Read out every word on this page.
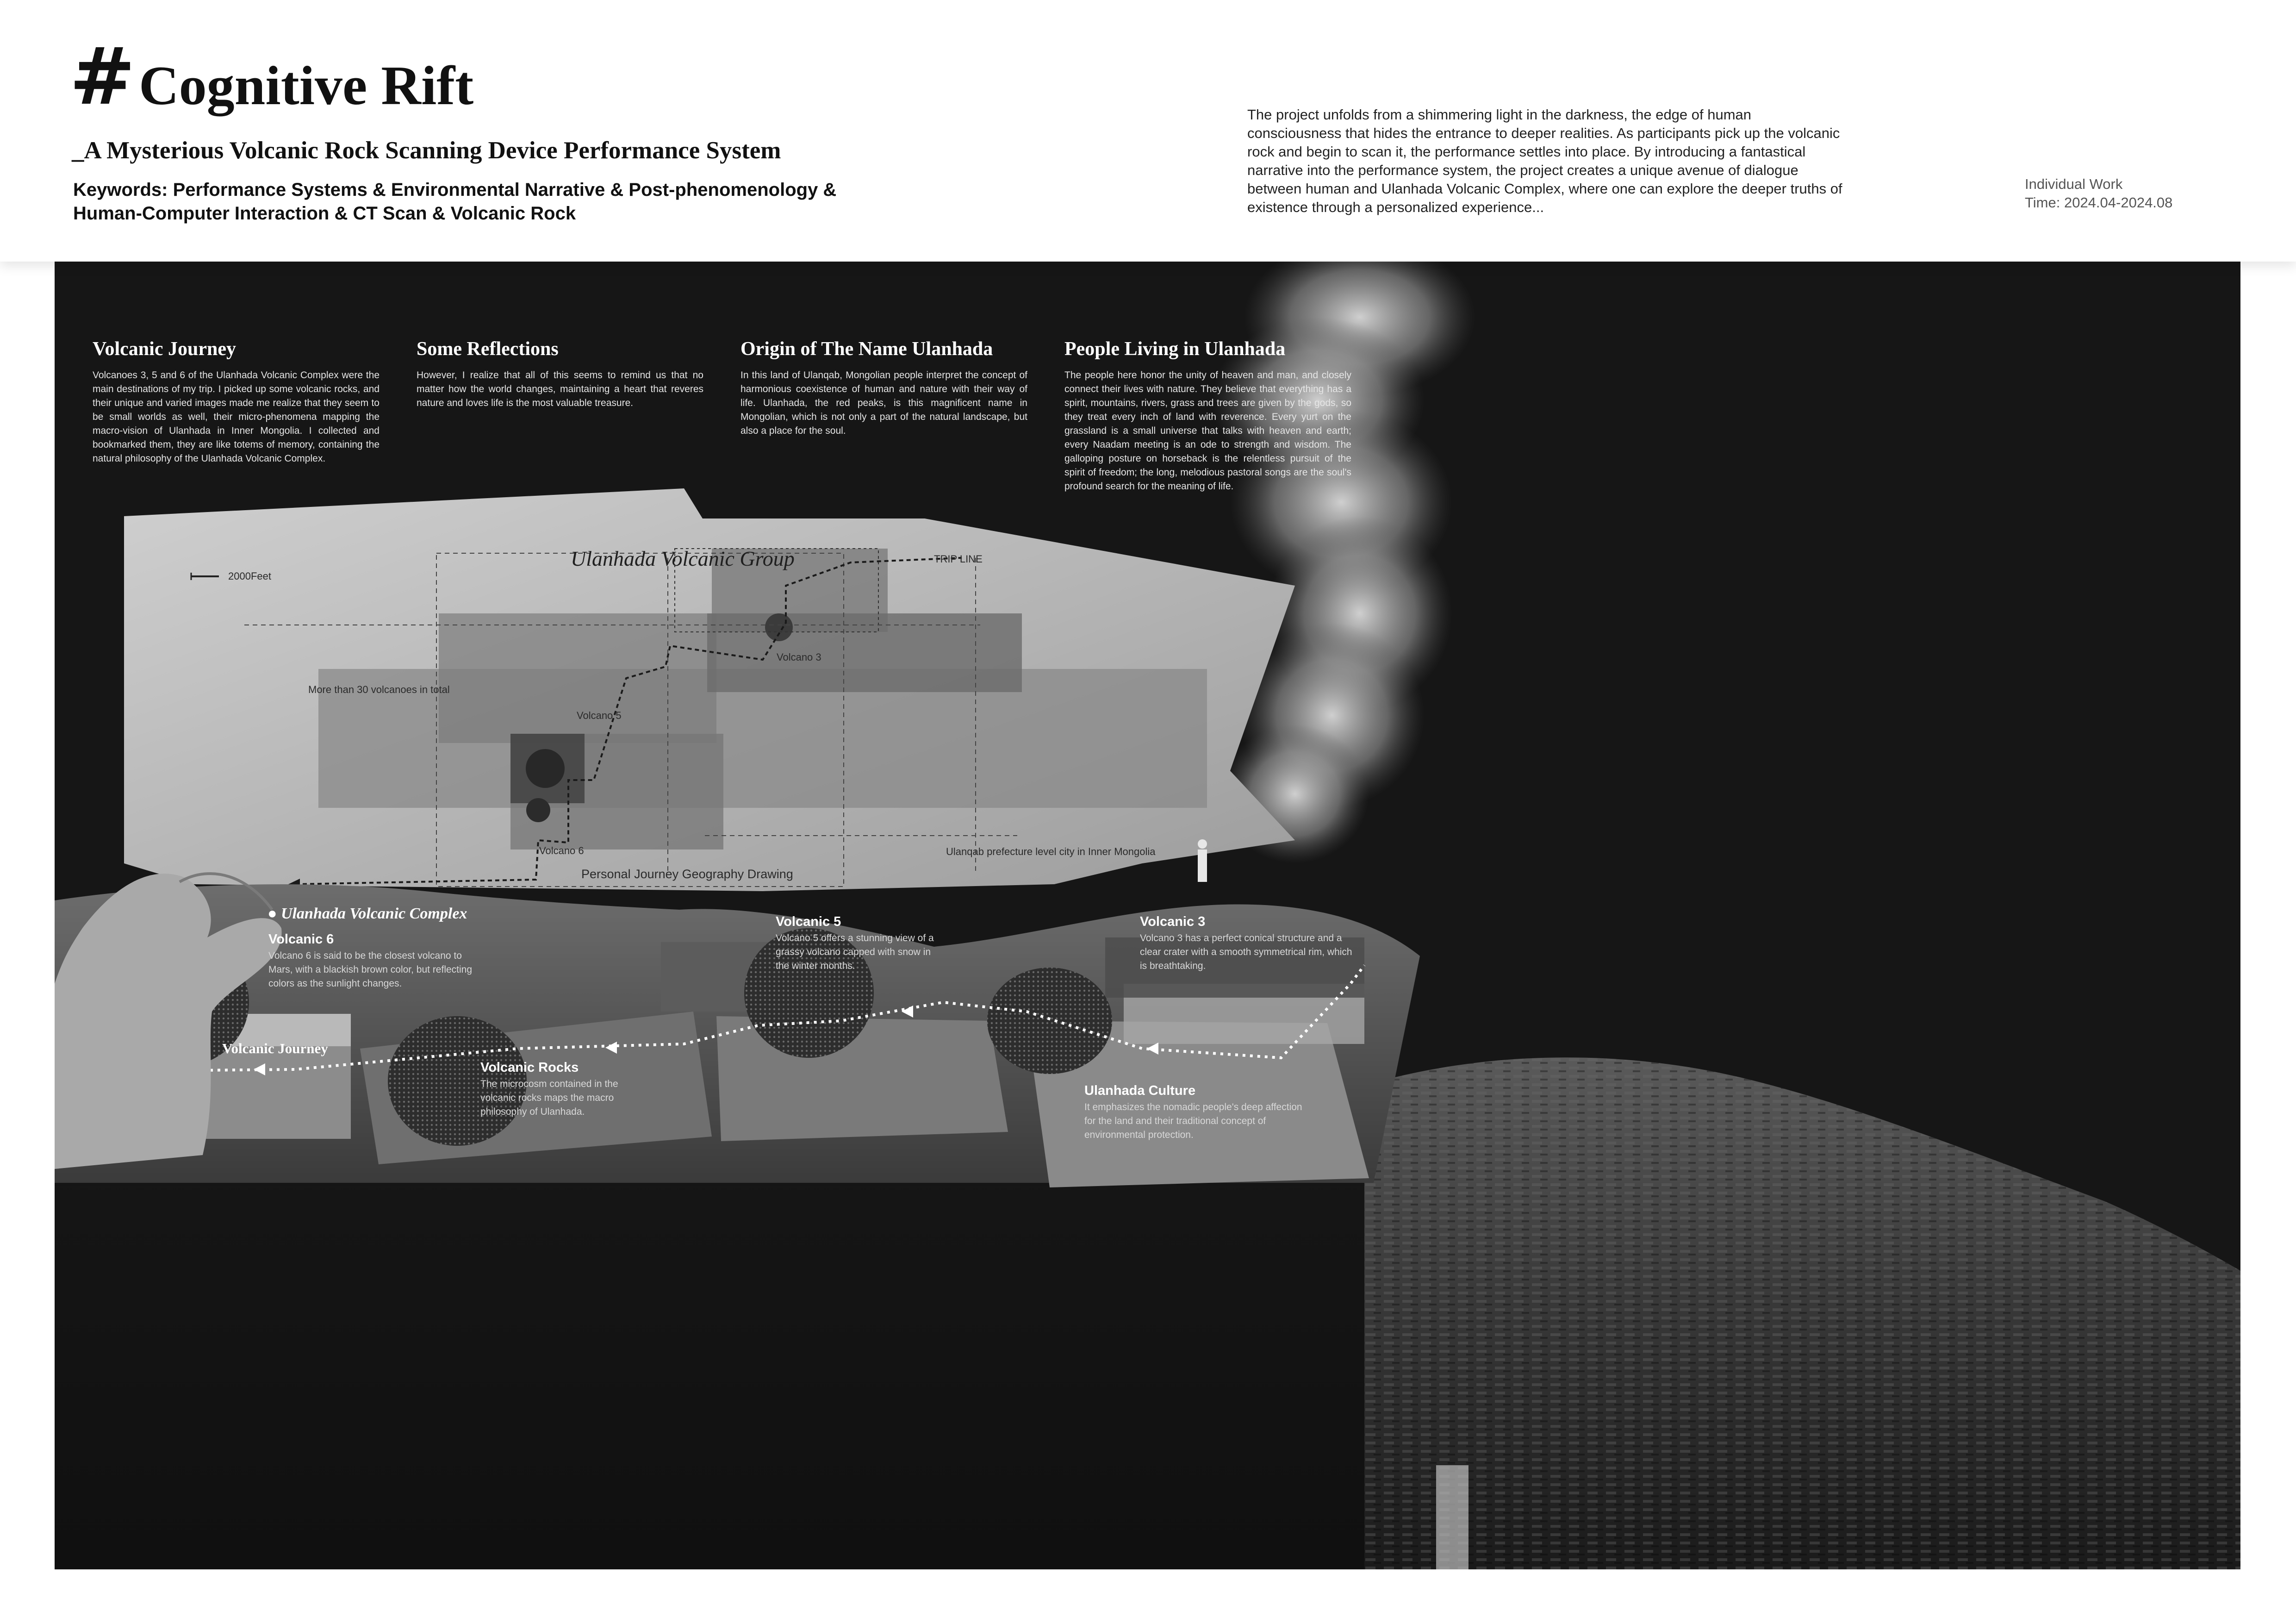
# Cognitive Rift
_A Mysterious Volcanic Rock Scanning Device Performance System
Keywords: Performance Systems & Environmental Narrative & Post-phenomenology &
Human-Computer Interaction & CT Scan & Volcanic Rock
The project unfolds from a shimmering light in the darkness, the edge of human consciousness that hides the entrance to deeper realities. As participants pick up the volcanic rock and begin to scan it, the performance settles into place. By introducing a fantastical narrative into the performance system, the project creates a unique avenue of dialogue between human and Ulanhada Volcanic Complex, where one can explore the deeper truths of existence through a personalized experience...
Individual Work
Time: 2024.04-2024.08
Volcanic Journey

Volcanoes 3, 5 and 6 of the Ulanhada Volcanic Complex were the main destinations of my trip. I picked up some volcanic rocks, and their unique and varied images made me realize that they seem to be small worlds as well, their micro-phenomena mapping the macro-vision of Ulanhada in Inner Mongolia. I collected and bookmarked them, they are like totems of memory, containing the natural philosophy of the Ulanhada Volcanic Complex.

Some Reflections

However, I realize that all of this seems to remind us that no matter how the world changes, maintaining a heart that reveres nature and loves life is the most valuable treasure.

Origin of The Name Ulanhada

In this land of Ulanqab, Mongolian people interpret the concept of harmonious coexistence of human and nature with their way of life. Ulanhada, the red peaks, is this magnificent name in Mongolian, which is not only a part of the natural landscape, but also a place for the soul.

People Living in Ulanhada

The people here honor the unity of heaven and man, and closely connect their lives with nature. They believe that everything has a spirit, mountains, rivers, grass and trees are given by the gods, so they treat every inch of land with reverence. Every yurt on the grassland is a small universe that talks with heaven and earth; every Naadam meeting is an ode to strength and wisdom. The galloping posture on horseback is the relentless pursuit of the spirit of freedom; the long, melodious pastoral songs are the soul's profound search for the meaning of life.

Ulanhada Volcanic Group
2000Feet
TRIP LINE
More than 30 volcanoes in total
Volcano 3
Volcano 5
Volcano 6	Ulanqab prefecture level city in Inner Mongolia
Personal Journey Geography Drawing
● Ulanhada Volcanic Complex
Volcanic Journey
Volcanic 6

Volcano 6 is said to be the closest volcano to Mars, with a blackish brown color, but reflecting colors as the sunlight changes.

Volcanic 5

Volcano 5 offers a stunning view of a grassy volcano capped with snow in the winter months.

Volcanic 3

Volcano 3 has a perfect conical structure and a clear crater with a smooth symmetrical rim, which is breathtaking.

Volcanic Rocks

The microcosm contained in the volcanic rocks maps the macro philosophy of Ulanhada.

Ulanhada Culture

It emphasizes the nomadic people's deep affection for the land and their traditional concept of environmental protection.
